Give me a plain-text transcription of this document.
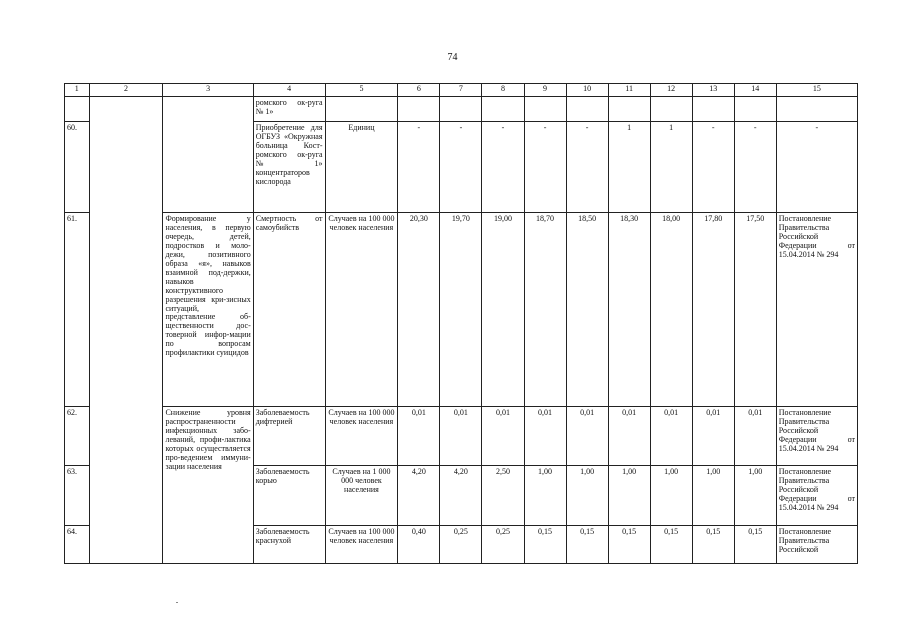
74
1	2	3	4	5	6	7	8	9	10	11	12	13	14	15
			ромского ок-руга № 1»											
60.			Приобретение для ОГБУЗ «Окружная больница Кост-ромского ок-руга № 1» концентраторов кислорода	Единиц	-	-	-	-	-	1	1	-	-	-
61.		Формирование у населения, в первую очередь, детей, подростков и моло-дежи, позитивного образа «я», навыков взаимной под-держки, навыков конструктивного разрешения кри-зисных ситуаций, представление об-щественности дос-товерной инфор-мации по вопросам профилактики суицидов	Смертность от самоубийств	Случаев на 100 000 человек населения	20,30	19,70	19,00	18,70	18,50	18,30	18,00	17,80	17,50	Постановление Правительства Российской Федерации от 15.04.2014 № 294
62.		Снижение уровня распространенности инфекционных забо-леваний, профи-лактика которых осуществляется про-ведением иммуни-зации населения	Заболеваемость дифтерией	Случаев на 100 000 человек населения	0,01	0,01	0,01	0,01	0,01	0,01	0,01	0,01	0,01	Постановление Правительства Российской Федерации от 15.04.2014 № 294
63.			Заболеваемость корью	Случаев на 1 000 000 человек населения	4,20	4,20	2,50	1,00	1,00	1,00	1,00	1,00	1,00	Постановление Правительства Российской Федерации от 15.04.2014 № 294
64.			Заболеваемость краснухой	Случаев на 100 000 человек населения	0,40	0,25	0,25	0,15	0,15	0,15	0,15	0,15	0,15	Постановление Правительства Российской
